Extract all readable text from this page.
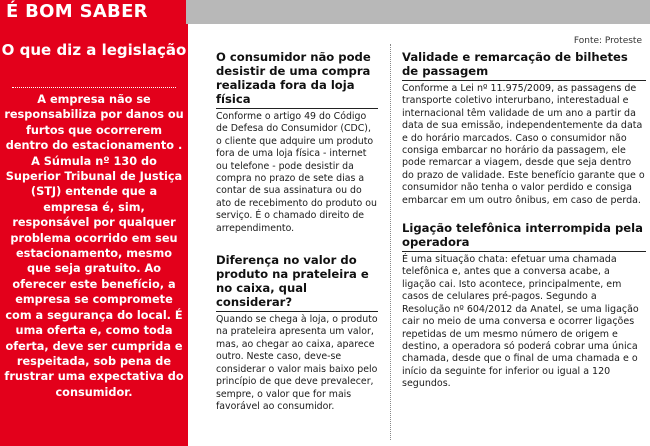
É BOM SABER
Fonte: Proteste
O que diz a legislação

A empresa não se responsabiliza por danos ou furtos que ocorrerem dentro do estacionamento . A Súmula nº 130 do Superior Tribunal de Justiça (STJ) entende que a empresa é, sim, responsável por qualquer problema ocorrido em seu estacionamento, mesmo que seja gratuito. Ao oferecer este benefício, a empresa se compromete com a segurança do local. É uma oferta e, como toda oferta, deve ser cumprida e respeitada, sob pena de frustrar uma expectativa do consumidor.

O consumidor não pode desistir de uma compra realizada fora da loja física

Conforme o artigo 49 do Código de Defesa do Consumidor (CDC), o cliente que adquire um produto fora de uma loja física - internet ou telefone - pode desistir da compra no prazo de sete dias a contar de sua assinatura ou do ato de recebimento do produto ou serviço. É o chamado direito de arrependimento.

Diferença no valor do produto na prateleira e no caixa, qual considerar?

Quando se chega à loja, o produto na prateleira apresenta um valor, mas, ao chegar ao caixa, aparece outro. Neste caso, deve-se considerar o valor mais baixo pelo princípio de que deve prevalecer, sempre, o valor que for mais favorável ao consumidor.

Validade e remarcação de bilhetes de passagem

Conforme a Lei nº 11.975/2009, as passagens de transporte coletivo interurbano, interestadual e internacional têm validade de um ano a partir da data de sua emissão, independentemente da data e do horário marcados. Caso o consumidor não consiga embarcar no horário da passagem, ele pode remarcar a viagem, desde que seja dentro do prazo de validade. Este benefício garante que o consumidor não tenha o valor perdido e consiga embarcar em um outro ônibus, em caso de perda.

Ligação telefônica interrompida pela operadora

É uma situação chata: efetuar uma chamada telefônica e, antes que a conversa acabe, a ligação cai. Isto acontece, principalmente, em casos de celulares pré-pagos. Segundo a Resolução nº 604/2012 da Anatel, se uma ligação cair no meio de uma conversa e ocorrer ligações repetidas de um mesmo número de origem e destino, a operadora só poderá cobrar uma única chamada, desde que o final de uma chamada e o início da seguinte for inferior ou igual a 120 segundos.
